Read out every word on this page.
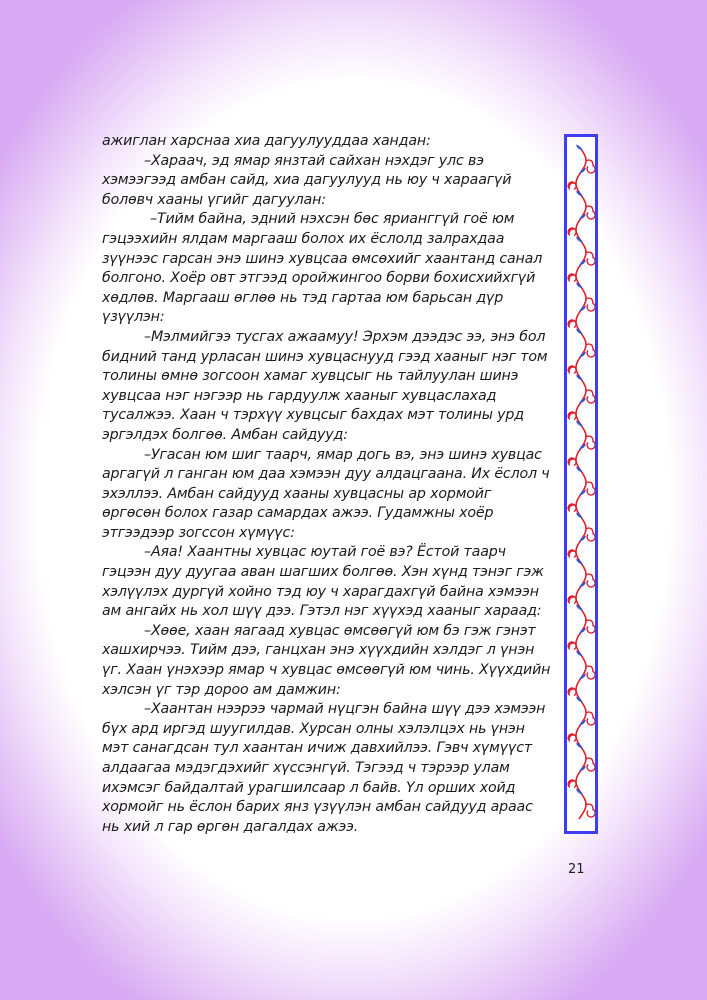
ажиглан харснаа хиа дагуулууддаа хандан:

–Хараач, эд ямар янзтай сайхан нэхдэг улс вэ хэмээгээд амбан сайд, хиа дагуулууд нь юу ч хараагүй болөвч хааны үгийг дагуулан:

–Тийм байна, эдний нэхсэн бөс ярианггүй гоё юм гэцээхийн ялдам маргааш болох их ёслолд залрахдаа зүүнээс гарсан энэ шинэ хувцсаа өмсөхийг хаантанд санал болгоно. Хоёр овт этгээд оройжингоо борви бохисхийхгүй хөдлөв. Маргааш өглөө нь тэд гартаа юм барьсан дүр үзүүлэн:

–Мэлмийгээ тусгах ажаамуу! Эрхэм дээдэс ээ, энэ бол бидний танд урласан шинэ хувцаснууд гээд хааныг нэг том толины өмнө зогсоон хамаг хувцсыг нь тайлуулан шинэ хувцсаа нэг нэгээр нь гардуулж хааныг хувцаслахад тусалжээ. Хаан ч тэрхүү хувцсыг бахдах мэт толины урд эргэлдэх болгөө. Амбан сайдууд:

–Угасан юм шиг таарч, ямар догь вэ, энэ шинэ хувцас аргагүй л ганган юм даа хэмээн дуу алдацгаана. Их ёслол ч эхэллээ. Амбан сайдууд хааны хувцасны ар хормойг өргөсөн болох газар самардах ажээ. Гудамжны хоёр этгээдээр зогссон хүмүүс:

–Аяа! Хаантны хувцас юутай гоё вэ? Ёстой таарч гэцээн дуу дуугаа аван шагших болгөө. Хэн хүнд тэнэг гэж хэлүүлэх дургүй хойно тэд юу ч харагдахгүй байна хэмээн ам ангайх нь хол шүү дээ. Гэтэл нэг хүүхэд хааныг хараад:

–Хөөе, хаан яагаад хувцас өмсөөгүй юм бэ гэж гэнэт хашхирчээ. Тийм дээ, ганцхан энэ хүүхдийн хэлдэг л үнэн үг. Хаан үнэхээр ямар ч хувцас өмсөөгүй юм чинь. Хүүхдийн хэлсэн үг тэр дороо ам дамжин:

–Хаантан нээрээ чармай нүцгэн байна шүү дээ хэмээн бүх ард иргэд шуугилдав. Хурсан олны хэлэлцэх нь үнэн мэт санагдсан тул хаантан ичиж давхийлээ. Гэвч хүмүүст алдаагаа мэдэгдэхийг хүссэнгүй. Тэгээд ч тэрээр улам ихэмсэг байдалтай урагшилсаар л байв. Үл орших хойд хормойг нь ёслон барих янз үзүүлэн амбан сайдууд араас нь хий л гар өргөн дагалдах ажээ.

21
